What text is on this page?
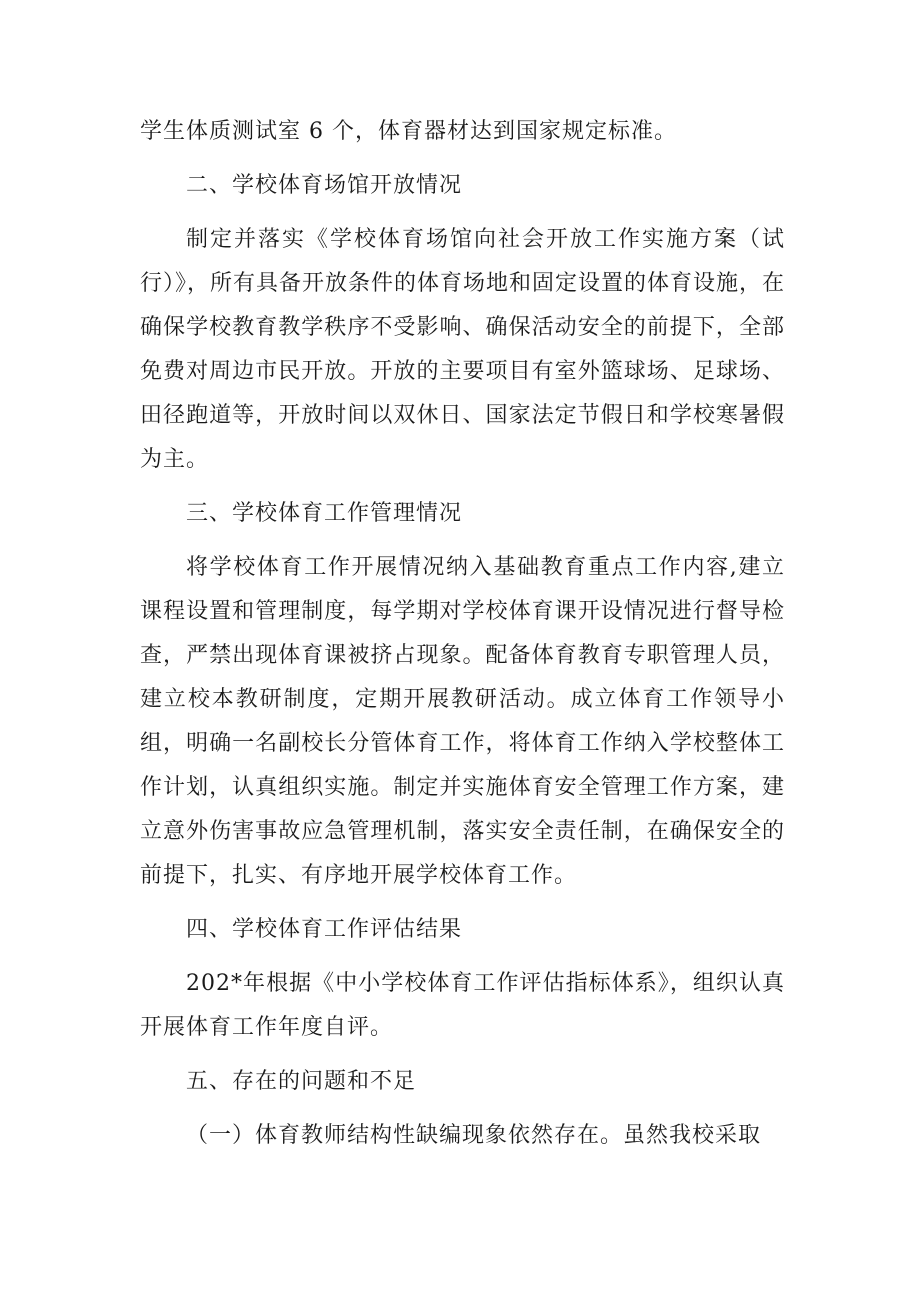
学生体质测试室 6 个，体育器材达到国家规定标准。

二、学校体育场馆开放情况

制定并落实《学校体育场馆向社会开放工作实施方案（试行）》，所有具备开放条件的体育场地和固定设置的体育设施，在确保学校教育教学秩序不受影响、确保活动安全的前提下，全部免费对周边市民开放。开放的主要项目有室外篮球场、足球场、田径跑道等，开放时间以双休日、国家法定节假日和学校寒暑假为主。

三、学校体育工作管理情况

将学校体育工作开展情况纳入基础教育重点工作内容,建立课程设置和管理制度，每学期对学校体育课开设情况进行督导检查，严禁出现体育课被挤占现象。配备体育教育专职管理人员，建立校本教研制度，定期开展教研活动。成立体育工作领导小组，明确一名副校长分管体育工作，将体育工作纳入学校整体工作计划，认真组织实施。制定并实施体育安全管理工作方案，建立意外伤害事故应急管理机制，落实安全责任制，在确保安全的前提下，扎实、有序地开展学校体育工作。

四、学校体育工作评估结果

202*年根据《中小学校体育工作评估指标体系》，组织认真开展体育工作年度自评。

五、存在的问题和不足

（一）体育教师结构性缺编现象依然存在。虽然我校采取
